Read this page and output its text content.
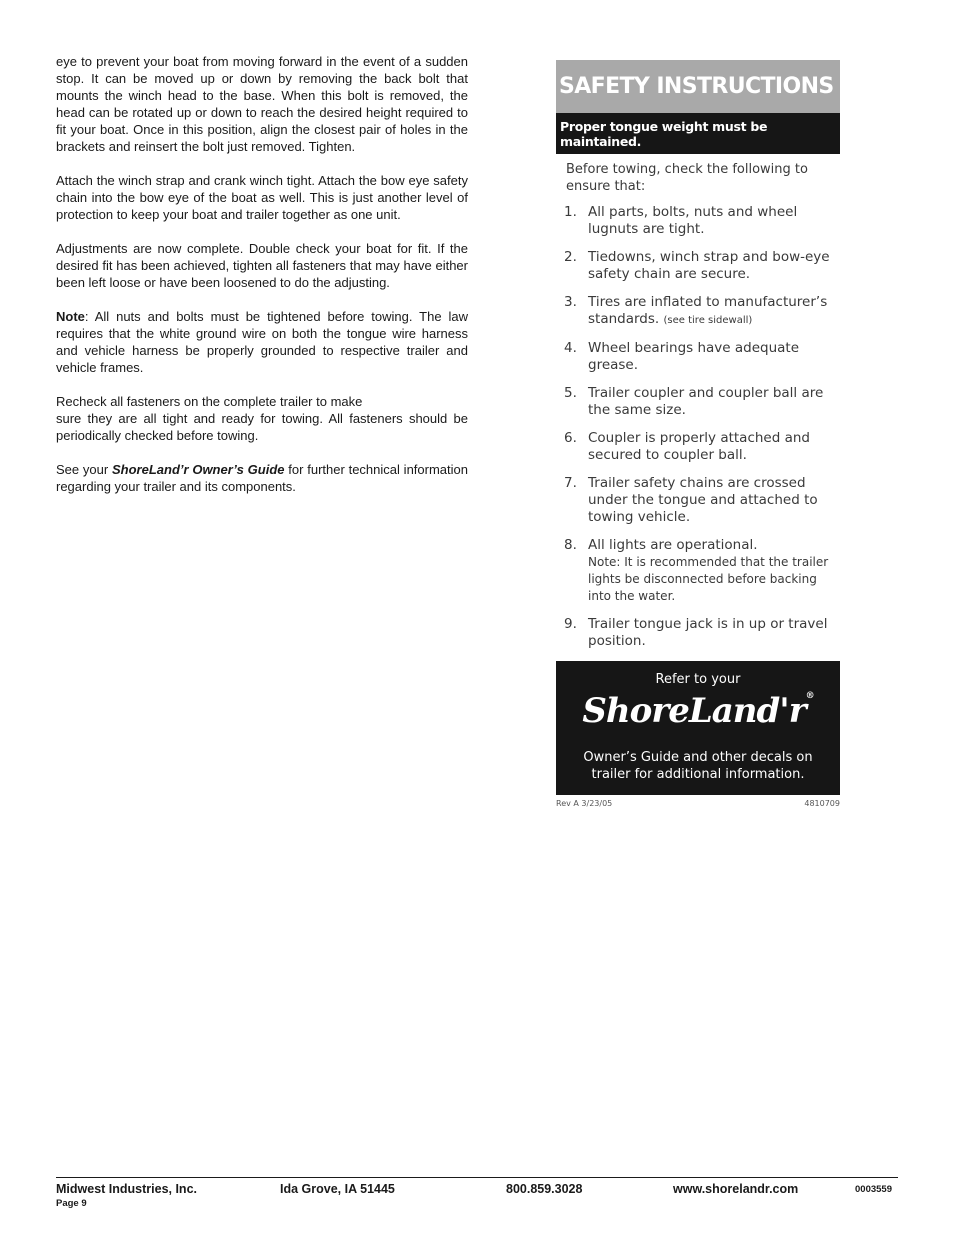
eye to prevent your boat from moving forward in the event of a sudden stop. It can be moved up or down by removing the back bolt that mounts the winch head to the base. When this bolt is removed, the head can be rotated up or down to reach the desired height required to fit your boat. Once in this position, align the closest pair of holes in the brackets and reinsert the bolt just removed. Tighten.

Attach the winch strap and crank winch tight. Attach the bow eye safety chain into the bow eye of the boat as well. This is just another level of protection to keep your boat and trailer together as one unit.

Adjustments are now complete. Double check your boat for fit. If the desired fit has been achieved, tighten all fasteners that may have either been left loose or have been loosened to do the adjusting.

Note: All nuts and bolts must be tightened before towing. The law requires that the white ground wire on both the tongue wire harness and vehicle harness be properly grounded to respective trailer and vehicle frames.

Recheck all fasteners on the complete trailer to make
sure they are all tight and ready for towing. All fasteners should be periodically checked before towing.

See your ShoreLand’r Owner’s Guide for further technical information regarding your trailer and its components.

SAFETY INSTRUCTIONS
Proper tongue weight must be maintained.
Before towing, check the following to ensure that:
1. All parts, bolts, nuts and wheel lugnuts are tight.
2. Tiedowns, winch strap and bow-eye safety chain are secure.
3. Tires are inflated to manufacturer’s standards. (see tire sidewall)
4. Wheel bearings have adequate grease.
5. Trailer coupler and coupler ball are the same size.
6. Coupler is properly attached and secured to coupler ball.
7. Trailer safety chains are crossed under the tongue and attached to towing vehicle.
8. All lights are operational.
Note: It is recommended that the trailer lights be disconnected before backing into the water.
9. Trailer tongue jack is in up or travel position.
Refer to your
ShoreLand'r®
Owner’s Guide and other decals on
trailer for additional information.
Rev A 3/23/05	4810709
Midwest Industries, Inc.	Ida Grove, IA 51445	800.859.3028	www.shorelandr.com	0003559
Page 9
